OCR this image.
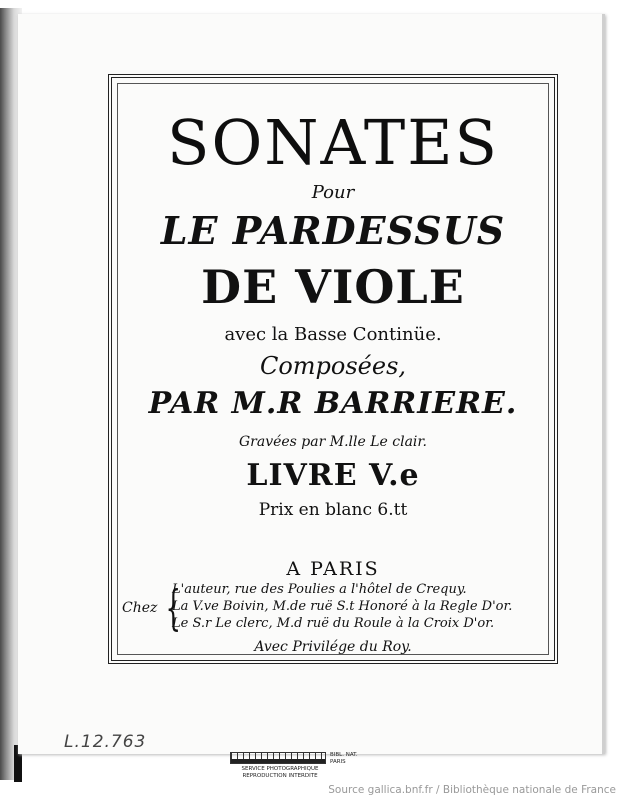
SONATES
Pour
LE PARDESSUS
DE VIOLE
avec la Basse Continüe.
Composées,
PAR M.R BARRIERE.
Gravées par M.lle Le clair.
LIVRE V.e
Prix en blanc 6.tt
A PARIS
Chez {
L'auteur, rue des Poulies a l'hôtel de Crequy.
La V.ve Boivin, M.de ruë S.t Honoré à la Regle D'or.
Le S.r Le clerc, M.d ruë du Roule à la Croix D'or.
Avec Privilége du Roy.
L.12.763
SERVICE PHOTOGRAPHIQUE
REPRODUCTION INTERDITE
BIBL. NAT.
PARIS
Source gallica.bnf.fr / Bibliothèque nationale de France
